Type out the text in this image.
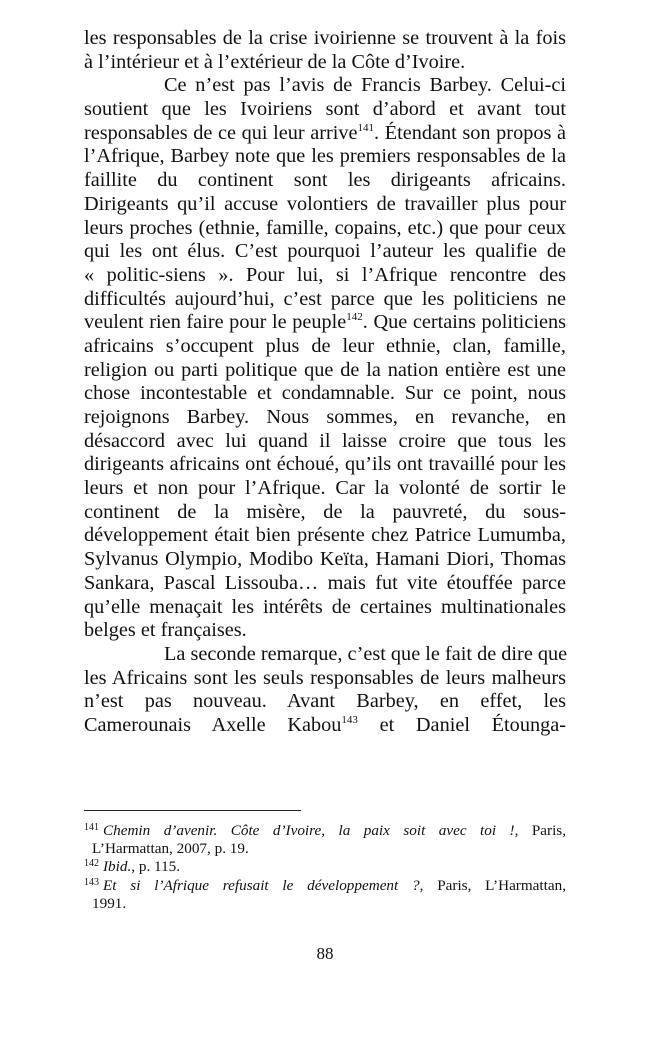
les responsables de la crise ivoirienne se trouvent à la fois
à l’intérieur et à l’extérieur de la Côte d’Ivoire.
Ce n’est pas l’avis de Francis Barbey. Celui-ci
soutient que les Ivoiriens sont d’abord et avant tout
responsables de ce qui leur arrive$^{141}$. Étendant son propos à
l’Afrique, Barbey note que les premiers responsables de la
faillite du continent sont les dirigeants africains.
Dirigeants qu’il accuse volontiers de travailler plus pour
leurs proches (ethnie, famille, copains, etc.) que pour ceux
qui les ont élus. C’est pourquoi l’auteur les qualifie de
« politic-siens ». Pour lui, si l’Afrique rencontre des
difficultés aujourd’hui, c’est parce que les politiciens ne
veulent rien faire pour le peuple$^{142}$. Que certains politiciens
africains s’occupent plus de leur ethnie, clan, famille,
religion ou parti politique que de la nation entière est une
chose incontestable et condamnable. Sur ce point, nous
rejoignons Barbey. Nous sommes, en revanche, en
désaccord avec lui quand il laisse croire que tous les
dirigeants africains ont échoué, qu’ils ont travaillé pour les
leurs et non pour l’Afrique. Car la volonté de sortir le
continent de la misère, de la pauvreté, du sous-
développement était bien présente chez Patrice Lumumba,
Sylvanus Olympio, Modibo Keïta, Hamani Diori, Thomas
Sankara, Pascal Lissouba… mais fut vite étouffée parce
qu’elle menaçait les intérêts de certaines multinationales
belges et françaises.
La seconde remarque, c’est que le fait de dire que
les Africains sont les seuls responsables de leurs malheurs
n’est pas nouveau. Avant Barbey, en effet, les
Camerounais Axelle Kabou$^{143}$ et Daniel Étounga-
$^{141}$ Chemin d’avenir. Côte d’Ivoire, la paix soit avec toi !, Paris,
L’Harmattan, 2007, p. 19.
$^{142}$ Ibid., p. 115.
$^{143}$ Et si l’Afrique refusait le développement ?, Paris, L’Harmattan,
1991.
88
